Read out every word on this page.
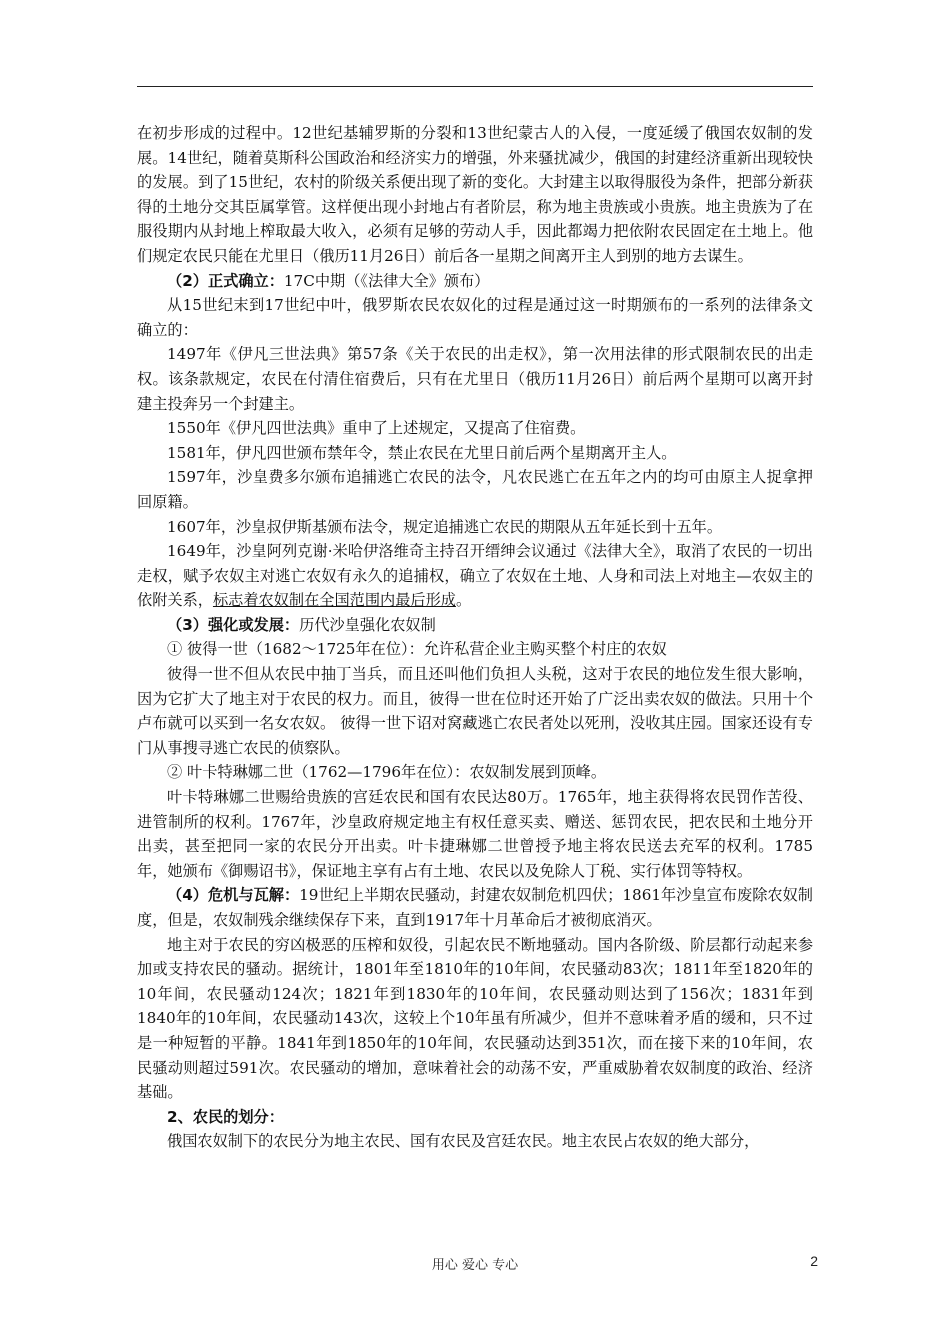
在初步形成的过程中。12世纪基辅罗斯的分裂和13世纪蒙古人的入侵，一度延缓了俄国农奴制的发展。14世纪，随着莫斯科公国政治和经济实力的增强，外来骚扰减少，俄国的封建经济重新出现较快的发展。到了15世纪，农村的阶级关系便出现了新的变化。大封建主以取得服役为条件，把部分新获得的土地分交其臣属掌管。这样便出现小封地占有者阶层，称为地主贵族或小贵族。地主贵族为了在服役期内从封地上榨取最大收入，必须有足够的劳动人手，因此都竭力把依附农民固定在土地上。他们规定农民只能在尤里日（俄历11月26日）前后各一星期之间离开主人到别的地方去谋生。

（2）正式确立：17C中期（《法律大全》颁布）

从15世纪末到17世纪中叶，俄罗斯农民农奴化的过程是通过这一时期颁布的一系列的法律条文确立的：

1497年《伊凡三世法典》第57条《关于农民的出走权》，第一次用法律的形式限制农民的出走权。该条款规定，农民在付清住宿费后，只有在尤里日（俄历11月26日）前后两个星期可以离开封建主投奔另一个封建主。

1550年《伊凡四世法典》重申了上述规定，又提高了住宿费。

1581年，伊凡四世颁布禁年令，禁止农民在尤里日前后两个星期离开主人。

1597年，沙皇费多尔颁布追捕逃亡农民的法令，凡农民逃亡在五年之内的均可由原主人捉拿押回原籍。

1607年，沙皇叔伊斯基颁布法令，规定追捕逃亡农民的期限从五年延长到十五年。

1649年，沙皇阿列克谢·米哈伊洛维奇主持召开缙绅会议通过《法律大全》，取消了农民的一切出走权，赋予农奴主对逃亡农奴有永久的追捕权，确立了农奴在土地、人身和司法上对地主—农奴主的依附关系，标志着农奴制在全国范围内最后形成。

（3）强化或发展：历代沙皇强化农奴制

① 彼得一世（1682～1725年在位）：允许私营企业主购买整个村庄的农奴

彼得一世不但从农民中抽丁当兵，而且还叫他们负担人头税，这对于农民的地位发生很大影响，因为它扩大了地主对于农民的权力。而且，彼得一世在位时还开始了广泛出卖农奴的做法。只用十个卢布就可以买到一名女农奴。 彼得一世下诏对窝藏逃亡农民者处以死刑，没收其庄园。国家还设有专门从事搜寻逃亡农民的侦察队。

② 叶卡特琳娜二世（1762—1796年在位）：农奴制发展到顶峰。

叶卡特琳娜二世赐给贵族的宫廷农民和国有农民达80万。1765年，地主获得将农民罚作苦役、进管制所的权利。1767年，沙皇政府规定地主有权任意买卖、赠送、惩罚农民，把农民和土地分开出卖，甚至把同一家的农民分开出卖。叶卡捷琳娜二世曾授予地主将农民送去充军的权利。1785年，她颁布《御赐诏书》，保证地主享有占有土地、农民以及免除人丁税、实行体罚等特权。

（4）危机与瓦解：19世纪上半期农民骚动，封建农奴制危机四伏；1861年沙皇宣布废除农奴制度，但是，农奴制残余继续保存下来，直到1917年十月革命后才被彻底消灭。

地主对于农民的穷凶极恶的压榨和奴役，引起农民不断地骚动。国内各阶级、阶层都行动起来参加或支持农民的骚动。据统计，1801年至1810年的10年间，农民骚动83次；1811年至1820年的10年间，农民骚动124次；1821年到1830年的10年间，农民骚动则达到了156次；1831年到1840年的10年间，农民骚动143次，这较上个10年虽有所减少，但并不意味着矛盾的缓和，只不过是一种短暂的平静。1841年到1850年的10年间，农民骚动达到351次，而在接下来的10年间，农民骚动则超过591次。农民骚动的增加，意味着社会的动荡不安，严重威胁着农奴制度的政治、经济基础。

2、农民的划分：

俄国农奴制下的农民分为地主农民、国有农民及宫廷农民。地主农民占农奴的绝大部分，

用心 爱心 专心	2
